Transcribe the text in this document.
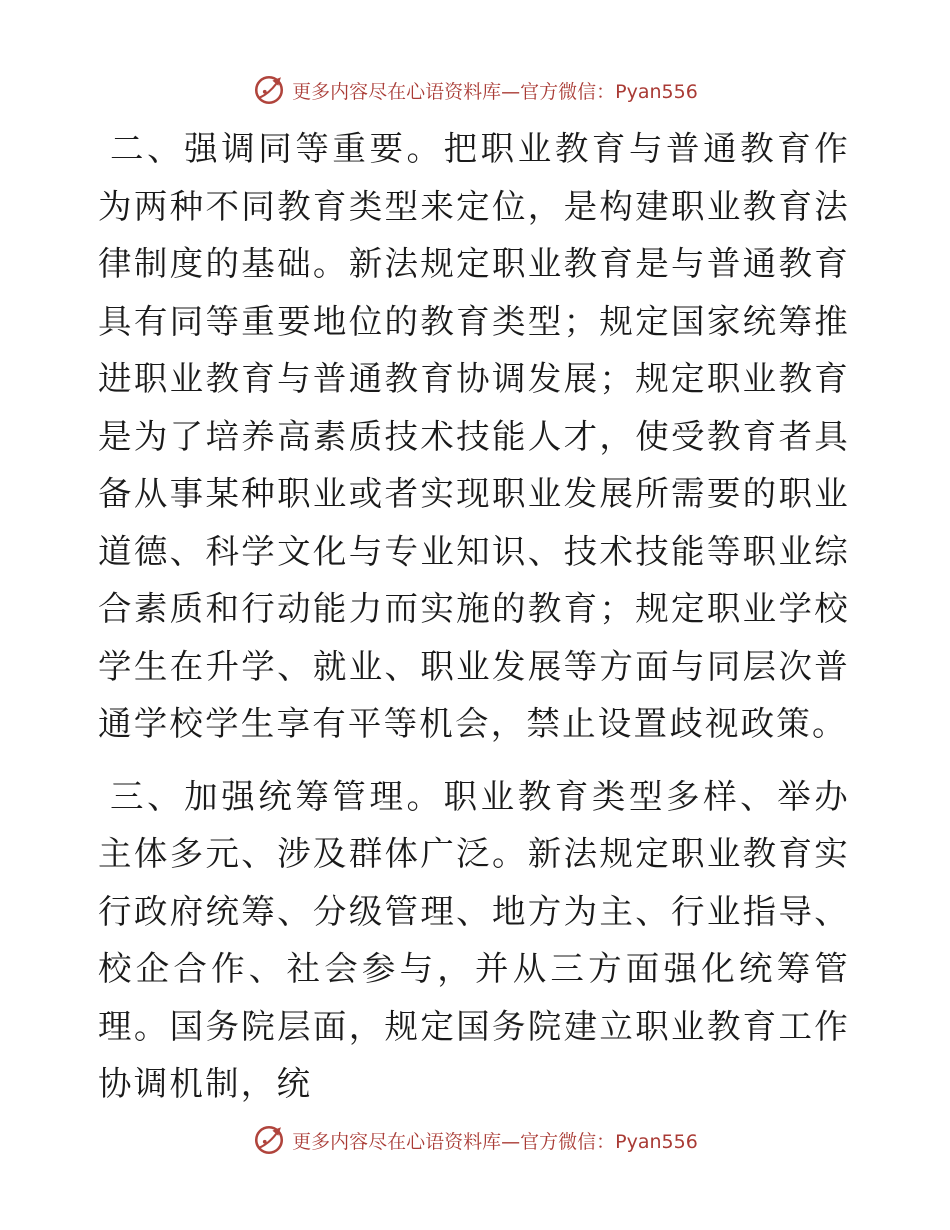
更多内容尽在心语资料库—官方微信：Pyan556

二、强调同等重要。把职业教育与普通教育作为两种不同教育类型来定位，是构建职业教育法律制度的基础。新法规定职业教育是与普通教育具有同等重要地位的教育类型；规定国家统筹推进职业教育与普通教育协调发展；规定职业教育是为了培养高素质技术技能人才，使受教育者具备从事某种职业或者实现职业发展所需要的职业道德、科学文化与专业知识、技术技能等职业综合素质和行动能力而实施的教育；规定职业学校学生在升学、就业、职业发展等方面与同层次普通学校学生享有平等机会，禁止设置歧视政策。

三、加强统筹管理。职业教育类型多样、举办主体多元、涉及群体广泛。新法规定职业教育实行政府统筹、分级管理、地方为主、行业指导、校企合作、社会参与，并从三方面强化统筹管理。国务院层面，规定国务院建立职业教育工作协调机制，统

更多内容尽在心语资料库—官方微信：Pyan556
